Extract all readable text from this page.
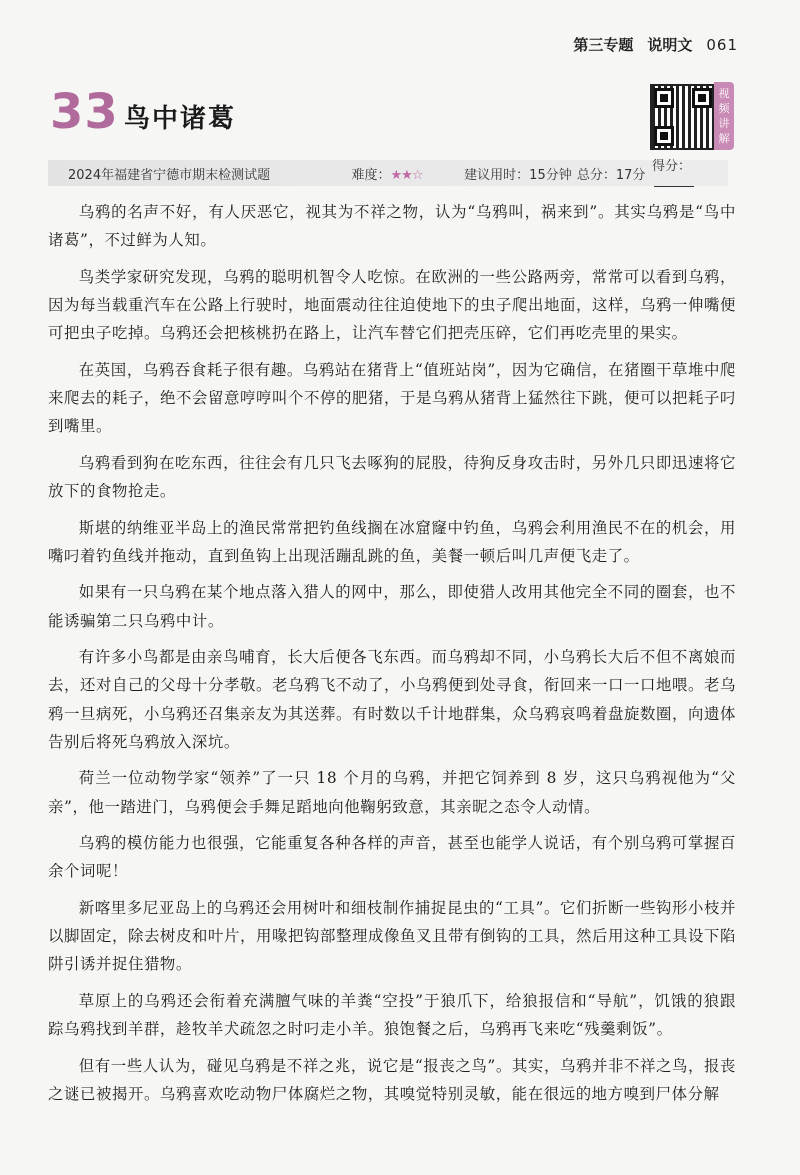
第三专题 说明文 061
33 鸟中诸葛
视频讲解
2024年福建省宁德市期末检测试题	难度：★★☆	建议用时：15分钟 总分：17分
得分：

乌鸦的名声不好，有人厌恶它，视其为不祥之物，认为“乌鸦叫，祸来到”。其实乌鸦是“鸟中诸葛”，不过鲜为人知。

鸟类学家研究发现，乌鸦的聪明机智令人吃惊。在欧洲的一些公路两旁，常常可以看到乌鸦，因为每当载重汽车在公路上行驶时，地面震动往往迫使地下的虫子爬出地面，这样，乌鸦一伸嘴便可把虫子吃掉。乌鸦还会把核桃扔在路上，让汽车替它们把壳压碎，它们再吃壳里的果实。

在英国，乌鸦吞食耗子很有趣。乌鸦站在猪背上“值班站岗”，因为它确信，在猪圈干草堆中爬来爬去的耗子，绝不会留意哼哼叫个不停的肥猪，于是乌鸦从猪背上猛然往下跳，便可以把耗子叼到嘴里。

乌鸦看到狗在吃东西，往往会有几只飞去啄狗的屁股，待狗反身攻击时，另外几只即迅速将它放下的食物抢走。

斯堪的纳维亚半岛上的渔民常常把钓鱼线搁在冰窟窿中钓鱼，乌鸦会利用渔民不在的机会，用嘴叼着钓鱼线并拖动，直到鱼钩上出现活蹦乱跳的鱼，美餐一顿后叫几声便飞走了。

如果有一只乌鸦在某个地点落入猎人的网中，那么，即使猎人改用其他完全不同的圈套，也不能诱骗第二只乌鸦中计。

有许多小鸟都是由亲鸟哺育，长大后便各飞东西。而乌鸦却不同，小乌鸦长大后不但不离娘而去，还对自己的父母十分孝敬。老乌鸦飞不动了，小乌鸦便到处寻食，衔回来一口一口地喂。老乌鸦一旦病死，小乌鸦还召集亲友为其送葬。有时数以千计地群集，众乌鸦哀鸣着盘旋数圈，向遗体告别后将死乌鸦放入深坑。

荷兰一位动物学家“领养”了一只 18 个月的乌鸦，并把它饲养到 8 岁，这只乌鸦视他为“父亲”，他一踏进门，乌鸦便会手舞足蹈地向他鞠躬致意，其亲昵之态令人动情。

乌鸦的模仿能力也很强，它能重复各种各样的声音，甚至也能学人说话，有个别乌鸦可掌握百余个词呢！

新喀里多尼亚岛上的乌鸦还会用树叶和细枝制作捕捉昆虫的“工具”。它们折断一些钩形小枝并以脚固定，除去树皮和叶片，用喙把钩部整理成像鱼叉且带有倒钩的工具，然后用这种工具设下陷阱引诱并捉住猎物。

草原上的乌鸦还会衔着充满膻气味的羊粪“空投”于狼爪下，给狼报信和“导航”，饥饿的狼跟踪乌鸦找到羊群，趁牧羊犬疏忽之时叼走小羊。狼饱餐之后，乌鸦再飞来吃“残羹剩饭”。

但有一些人认为，碰见乌鸦是不祥之兆，说它是“报丧之鸟”。其实，乌鸦并非不祥之鸟，报丧之谜已被揭开。乌鸦喜欢吃动物尸体腐烂之物，其嗅觉特别灵敏，能在很远的地方嗅到尸体分解
